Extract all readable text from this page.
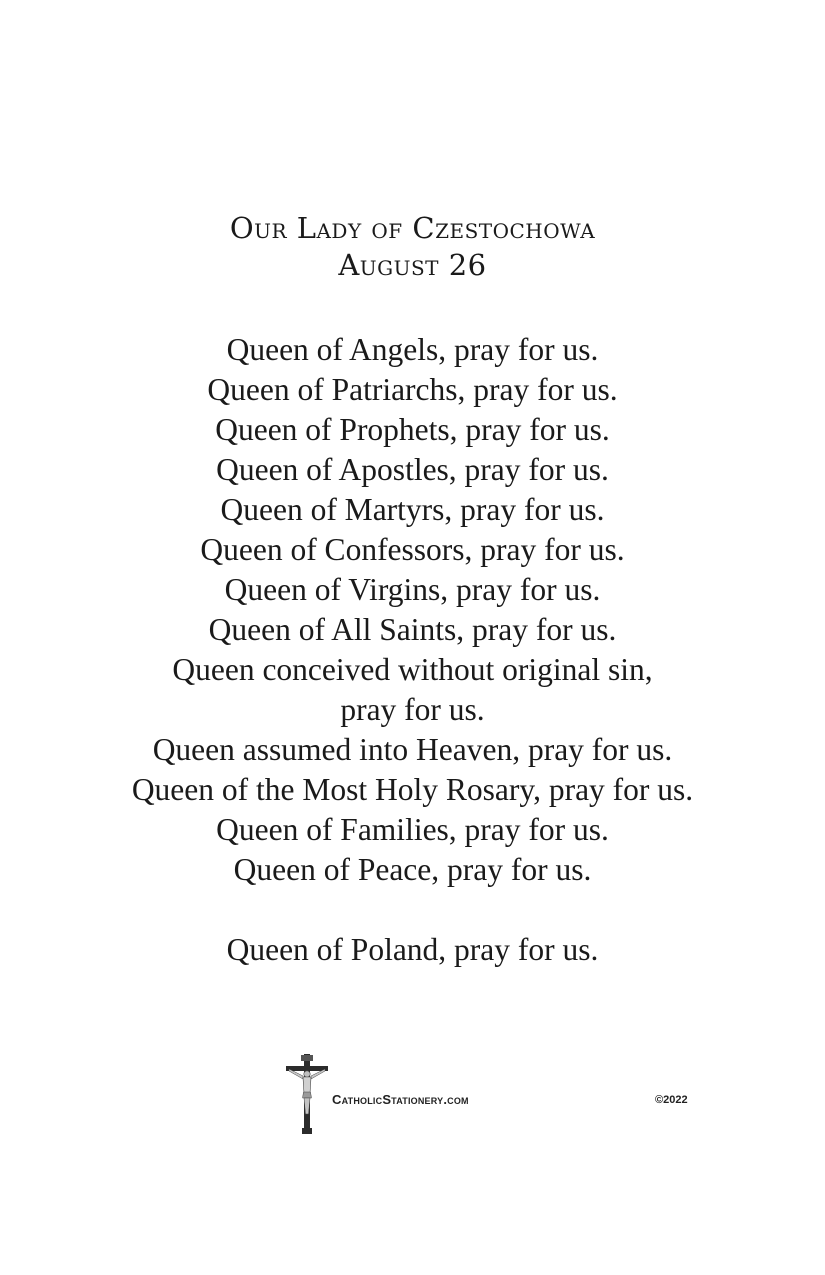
Our Lady of Czestochowa
August 26
Queen of Angels, pray for us.
Queen of Patriarchs, pray for us.
Queen of Prophets, pray for us.
Queen of Apostles, pray for us.
Queen of Martyrs, pray for us.
Queen of Confessors, pray for us.
Queen of Virgins, pray for us.
Queen of All Saints, pray for us.
Queen conceived without original sin,
pray for us.
Queen assumed into Heaven, pray for us.
Queen of the Most Holy Rosary, pray for us.
Queen of Families, pray for us.
Queen of Peace, pray for us.
Queen of Poland, pray for us.
CatholicStationery.com	©2022
